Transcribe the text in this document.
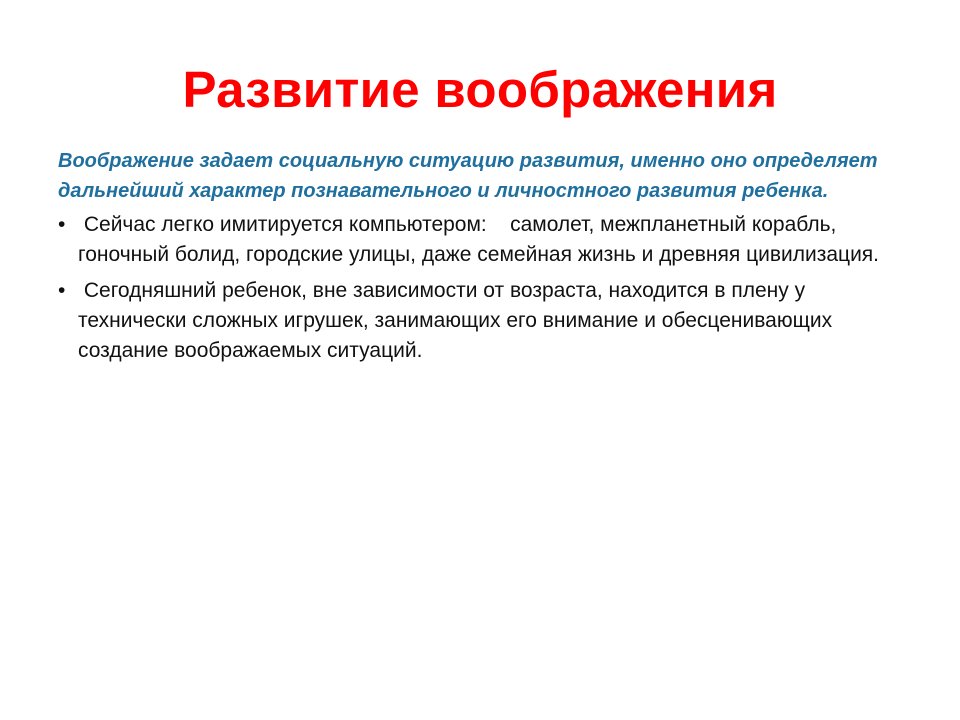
Развитие воображения

Воображение задает социальную ситуацию развития, именно оно определяет дальнейший характер познавательного и личностного развития ребенка.

• Сейчас легко имитируется компьютером:    самолет, межпланетный корабль, гоночный болид, городские улицы, даже семейная жизнь и древняя цивилизация.
• Сегодняшний ребенок, вне зависимости от возраста, находится в плену у технически сложных игрушек, занимающих его внимание и обесценивающих создание воображаемых ситуаций.
